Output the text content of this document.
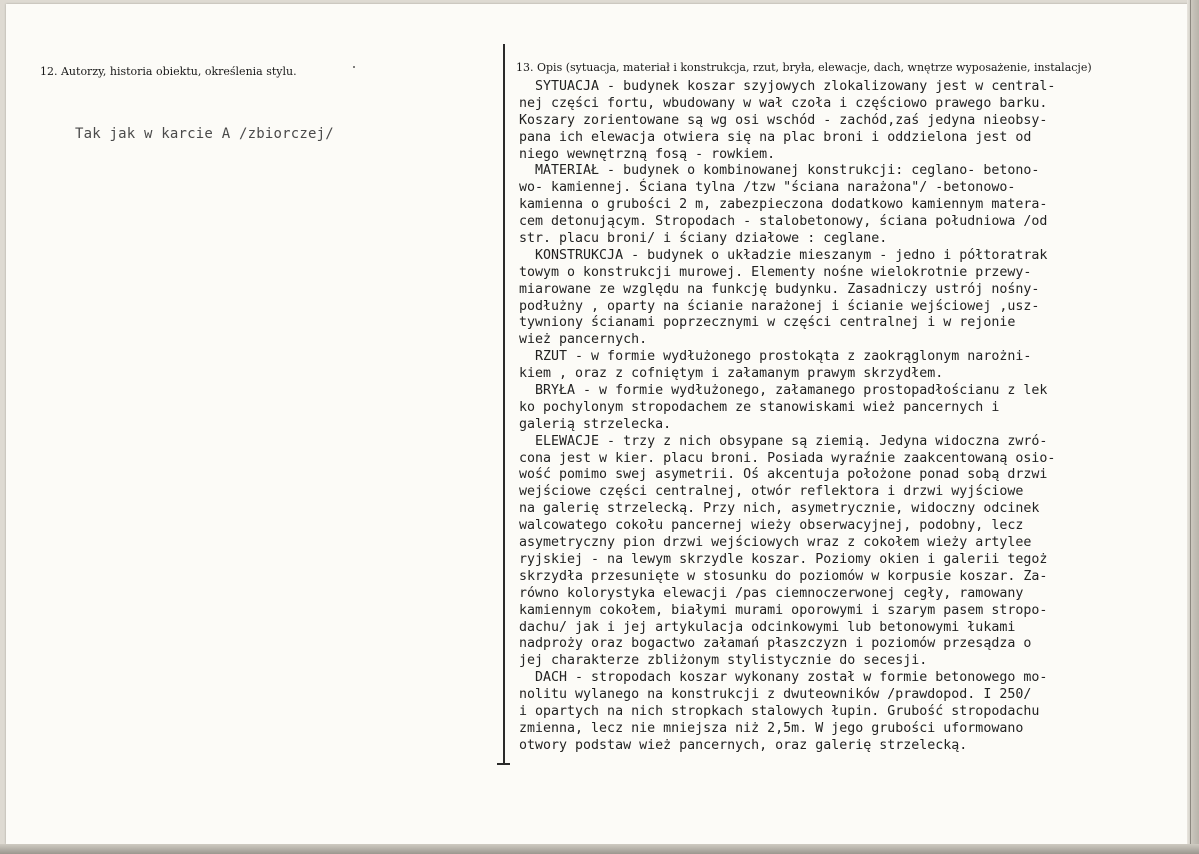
12. Autorzy, historia obiektu, określenia stylu.
Tak jak w karcie A /zbiorczej/
13. Opis (sytuacja, materiał i konstrukcja, rzut, bryła, elewacje, dach, wnętrze wyposażenie, instalacje)
SYTUACJA - budynek koszar szyjowych zlokalizowany jest w central-
nej części fortu, wbudowany w wał czoła i częściowo prawego barku.
Koszary zorientowane są wg osi wschód - zachód,zaś jedyna nieobsy-
pana ich elewacja otwiera się na plac broni i oddzielona jest od
niego wewnętrzną fosą - rowkiem.
MATERIAŁ - budynek o kombinowanej konstrukcji: ceglano- betono-
wo- kamiennej. Ściana tylna /tzw "ściana narażona"/ -betonowo-
kamienna o grubości 2 m, zabezpieczona dodatkowo kamiennym matera-
cem detonującym. Stropodach - stalobetonowy, ściana południowa /od
str. placu broni/ i ściany działowe : ceglane.
KONSTRUKCJA - budynek o układzie mieszanym - jedno i półtoratrak
towym o konstrukcji murowej. Elementy nośne wielokrotnie przewy-
miarowane ze względu na funkcję budynku. Zasadniczy ustrój nośny-
podłużny , oparty na ścianie narażonej i ścianie wejściowej ,usz-
tywniony ścianami poprzecznymi w części centralnej i w rejonie
wież pancernych.
RZUT - w formie wydłużonego prostokąta z zaokrąglonym narożni-
kiem , oraz z cofniętym i załamanym prawym skrzydłem.
BRYŁA - w formie wydłużonego, załamanego prostopadłościanu z lek
ko pochylonym stropodachem ze stanowiskami wież pancernych i
galerią strzelecka.
ELEWACJE - trzy z nich obsypane są ziemią. Jedyna widoczna zwró-
cona jest w kier. placu broni. Posiada wyraźnie zaakcentowaną osio-
wość pomimo swej asymetrii. Oś akcentuja położone ponad sobą drzwi
wejściowe części centralnej, otwór reflektora i drzwi wyjściowe
na galerię strzelecką. Przy nich, asymetrycznie, widoczny odcinek
walcowatego cokołu pancernej wieży obserwacyjnej, podobny, lecz
asymetryczny pion drzwi wejściowych wraz z cokołem wieży artylee
ryjskiej - na lewym skrzydle koszar. Poziomy okien i galerii tegoż
skrzydła przesunięte w stosunku do poziomów w korpusie koszar. Za-
równo kolorystyka elewacji /pas ciemnoczerwonej cegły, ramowany
kamiennym cokołem, białymi murami oporowymi i szarym pasem stropo-
dachu/ jak i jej artykulacja odcinkowymi lub betonowymi łukami
nadproży oraz bogactwo załamań płaszczyzn i poziomów przesądza o
jej charakterze zbliżonym stylistycznie do secesji.
DACH - stropodach koszar wykonany został w formie betonowego mo-
nolitu wylanego na konstrukcji z dwuteowników /prawdopod. I 250/
i opartych na nich stropkach stalowych łupin. Grubość stropodachu
zmienna, lecz nie mniejsza niż 2,5m. W jego grubości uformowano
otwory podstaw wież pancernych, oraz galerię strzelecką.
